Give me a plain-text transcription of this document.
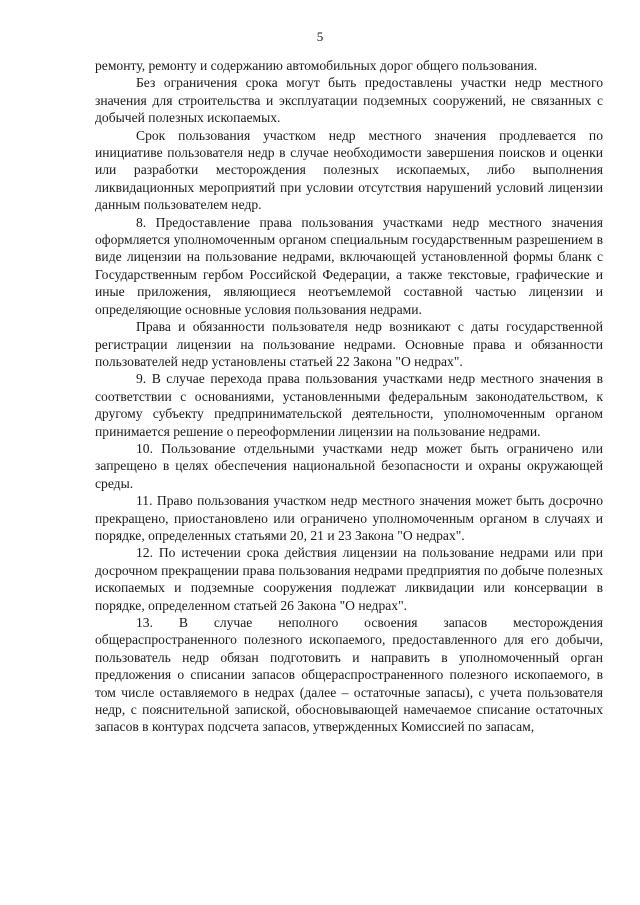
5

ремонту, ремонту и содержанию автомобильных дорог общего пользования.

Без ограничения срока могут быть предоставлены участки недр местного значения для строительства и эксплуатации подземных сооружений, не связанных с добычей полезных ископаемых.

Срок пользования участком недр местного значения продлевается по инициативе пользователя недр в случае необходимости завершения поисков и оценки или разработки месторождения полезных ископаемых, либо выполнения ликвидационных мероприятий при условии отсутствия нарушений условий лицензии данным пользователем недр.

8. Предоставление права пользования участками недр местного значения оформляется уполномоченным органом специальным государственным разрешением в виде лицензии на пользование недрами, включающей установленной формы бланк с Государственным гербом Российской Федерации, а также текстовые, графические и иные приложения, являющиеся неотъемлемой составной частью лицензии и определяющие основные условия пользования недрами.

Права и обязанности пользователя недр возникают с даты государственной регистрации лицензии на пользование недрами. Основные права и обязанности пользователей недр установлены статьей 22 Закона "О недрах".

9. В случае перехода права пользования участками недр местного значения в соответствии с основаниями, установленными федеральным законодательством, к другому субъекту предпринимательской деятельности, уполномоченным органом принимается решение о переоформлении лицензии на пользование недрами.

10. Пользование отдельными участками недр может быть ограничено или запрещено в целях обеспечения национальной безопасности и охраны окружающей среды.

11. Право пользования участком недр местного значения может быть досрочно прекращено, приостановлено или ограничено уполномоченным органом в случаях и порядке, определенных статьями 20, 21 и 23 Закона "О недрах".

12. По истечении срока действия лицензии на пользование недрами или при досрочном прекращении права пользования недрами предприятия по добыче полезных ископаемых и подземные сооружения подлежат ликвидации или консервации в порядке, определенном статьей 26 Закона "О недрах".

13. В случае неполного освоения запасов месторождения общераспространенного полезного ископаемого, предоставленного для его добычи, пользователь недр обязан подготовить и направить в уполномоченный орган предложения о списании запасов общераспространенного полезного ископаемого, в том числе оставляемого в недрах (далее – остаточные запасы), с учета пользователя недр, с пояснительной запиской, обосновывающей намечаемое списание остаточных запасов в контурах подсчета запасов, утвержденных Комиссией по запасам,
